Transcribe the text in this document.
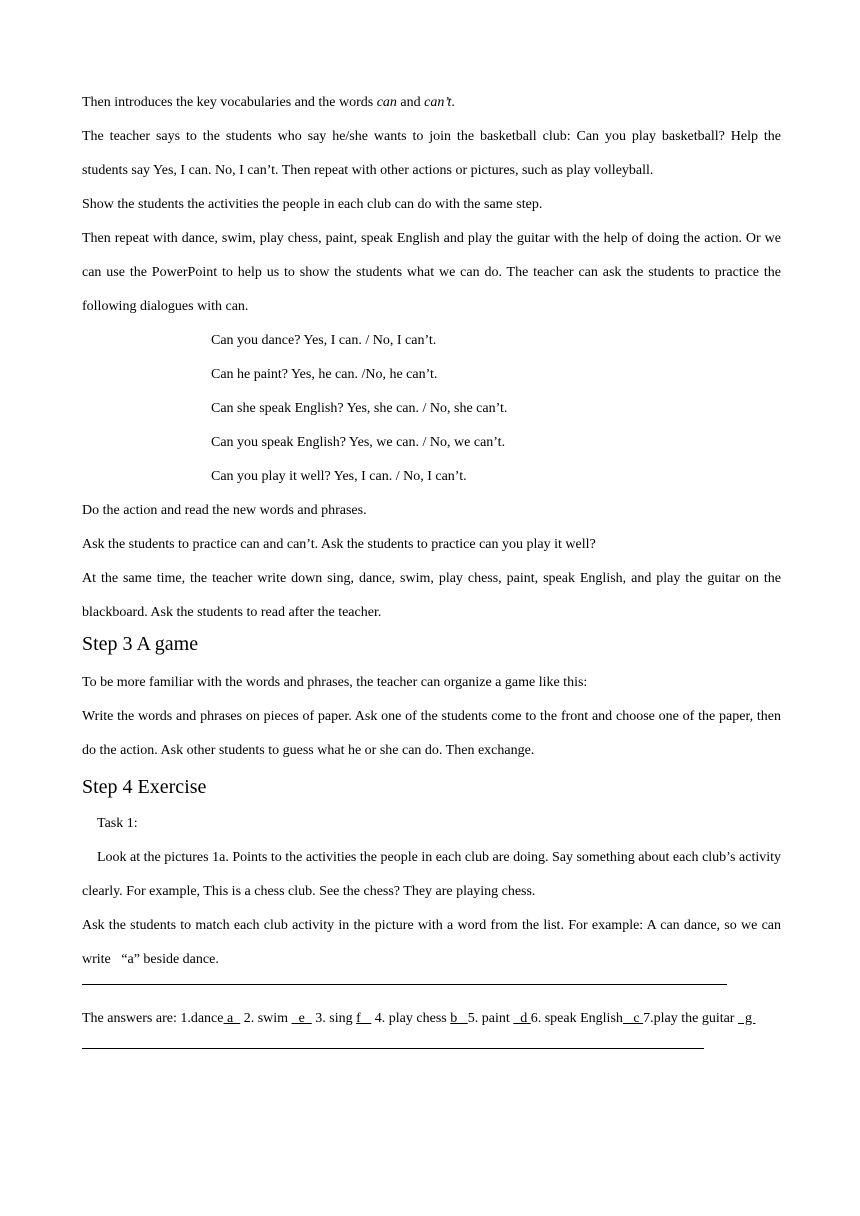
Then introduces the key vocabularies and the words can and can’t.

The teacher says to the students who say he/she wants to join the basketball club: Can you play basketball? Help the students say Yes, I can. No, I can’t. Then repeat with other actions or pictures, such as play volleyball.

Show the students the activities the people in each club can do with the same step.

Then repeat with dance, swim, play chess, paint, speak English and play the guitar with the help of doing the action. Or we can use the PowerPoint to help us to show the students what we can do. The teacher can ask the students to practice the following dialogues with can.

Can you dance? Yes, I can. / No, I can’t.

Can he paint? Yes, he can. /No, he can’t.

Can she speak English? Yes, she can. / No, she can’t.

Can you speak English? Yes, we can. / No, we can’t.

Can you play it well? Yes, I can. / No, I can’t.

Do the action and read the new words and phrases.

Ask the students to practice can and can’t. Ask the students to practice can you play it well?

At the same time, the teacher write down sing, dance, swim, play chess, paint, speak English, and play the guitar on the blackboard. Ask the students to read after the teacher.

Step 3 A game

To be more familiar with the words and phrases, the teacher can organize a game like this:

Write the words and phrases on pieces of paper. Ask one of the students come to the front and choose one of the paper, then do the action. Ask other students to guess what he or she can do. Then exchange.

Step 4 Exercise

Task 1:

Look at the pictures 1a. Points to the activities the people in each club are doing. Say something about each club’s activity clearly. For example, This is a chess club. See the chess? They are playing chess.

Ask the students to match each club activity in the picture with a word from the list. For example: A can dance, so we can write   “a” beside dance.

The answers are: 1.dance a   2. swim   e   3. sing f    4. play chess b   5. paint   d 6. speak English   c 7.play the guitar   g
